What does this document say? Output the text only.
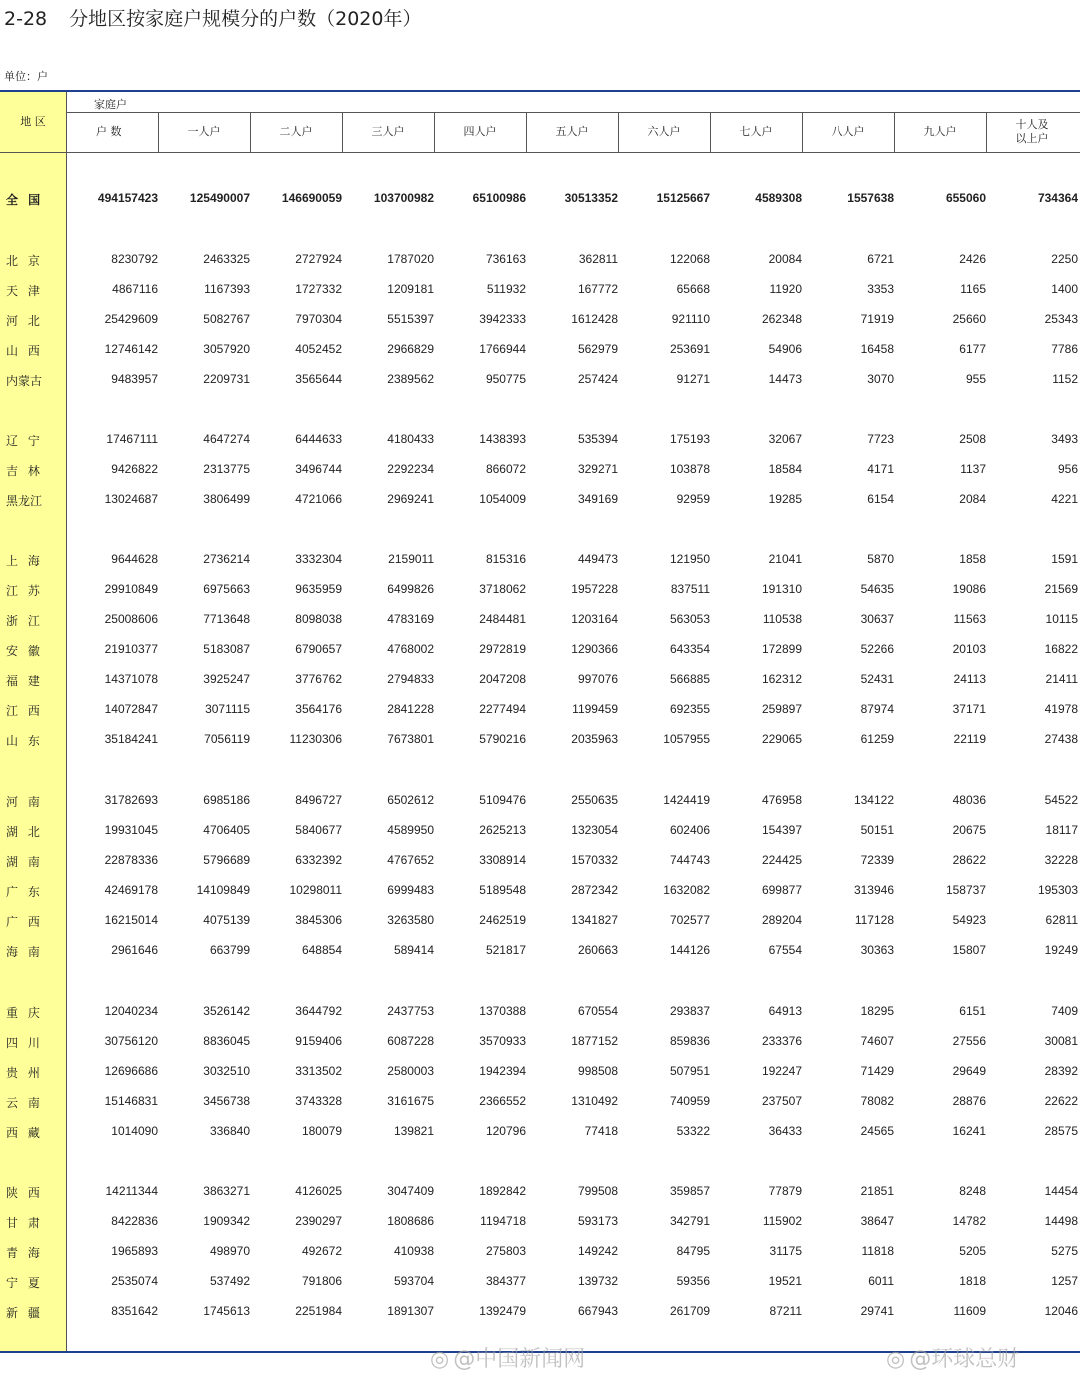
2-28 分地区按家庭户规模分的户数（2020年）
单位：户
地 区
家庭户
户 数	一人户	二人户	三人户	四人户	五人户	六人户	七人户	八人户	九人户
十人及
以上户
全 国	494157423	125490007	146690059	103700982	65100986	30513352	15125667	4589308	1557638	655060	734364
北 京	8230792	2463325	2727924	1787020	736163	362811	122068	20084	6721	2426	2250
天 津	4867116	1167393	1727332	1209181	511932	167772	65668	11920	3353	1165	1400
河 北	25429609	5082767	7970304	5515397	3942333	1612428	921110	262348	71919	25660	25343
山 西	12746142	3057920	4052452	2966829	1766944	562979	253691	54906	16458	6177	7786
内蒙古	9483957	2209731	3565644	2389562	950775	257424	91271	14473	3070	955	1152
辽 宁	17467111	4647274	6444633	4180433	1438393	535394	175193	32067	7723	2508	3493
吉 林	9426822	2313775	3496744	2292234	866072	329271	103878	18584	4171	1137	956
黑龙江	13024687	3806499	4721066	2969241	1054009	349169	92959	19285	6154	2084	4221
上 海	9644628	2736214	3332304	2159011	815316	449473	121950	21041	5870	1858	1591
江 苏	29910849	6975663	9635959	6499826	3718062	1957228	837511	191310	54635	19086	21569
浙 江	25008606	7713648	8098038	4783169	2484481	1203164	563053	110538	30637	11563	10115
安 徽	21910377	5183087	6790657	4768002	2972819	1290366	643354	172899	52266	20103	16822
福 建	14371078	3925247	3776762	2794833	2047208	997076	566885	162312	52431	24113	21411
江 西	14072847	3071115	3564176	2841228	2277494	1199459	692355	259897	87974	37171	41978
山 东	35184241	7056119	11230306	7673801	5790216	2035963	1057955	229065	61259	22119	27438
河 南	31782693	6985186	8496727	6502612	5109476	2550635	1424419	476958	134122	48036	54522
湖 北	19931045	4706405	5840677	4589950	2625213	1323054	602406	154397	50151	20675	18117
湖 南	22878336	5796689	6332392	4767652	3308914	1570332	744743	224425	72339	28622	32228
广 东	42469178	14109849	10298011	6999483	5189548	2872342	1632082	699877	313946	158737	195303
广 西	16215014	4075139	3845306	3263580	2462519	1341827	702577	289204	117128	54923	62811
海 南	2961646	663799	648854	589414	521817	260663	144126	67554	30363	15807	19249
重 庆	12040234	3526142	3644792	2437753	1370388	670554	293837	64913	18295	6151	7409
四 川	30756120	8836045	9159406	6087228	3570933	1877152	859836	233376	74607	27556	30081
贵 州	12696686	3032510	3313502	2580003	1942394	998508	507951	192247	71429	29649	28392
云 南	15146831	3456738	3743328	3161675	2366552	1310492	740959	237507	78082	28876	22622
西 藏	1014090	336840	180079	139821	120796	77418	53322	36433	24565	16241	28575
陕 西	14211344	3863271	4126025	3047409	1892842	799508	359857	77879	21851	8248	14454
甘 肃	8422836	1909342	2390297	1808686	1194718	593173	342791	115902	38647	14782	14498
青 海	1965893	498970	492672	410938	275803	149242	84795	31175	11818	5205	5275
宁 夏	2535074	537492	791806	593704	384377	139732	59356	19521	6011	1818	1257
新 疆	8351642	1745613	2251984	1891307	1392479	667943	261709	87211	29741	11609	12046
◎ @中国新闻网	◎ @环球总财
